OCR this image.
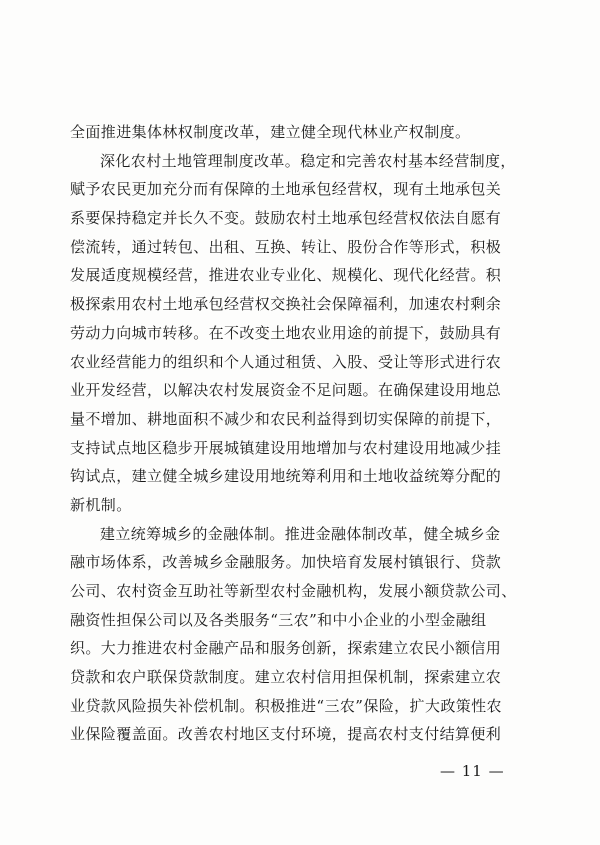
全面推进集体林权制度改革，建立健全现代林业产权制度。
深化农村土地管理制度改革。稳定和完善农村基本经营制度，
赋予农民更加充分而有保障的土地承包经营权，现有土地承包关
系要保持稳定并长久不变。鼓励农村土地承包经营权依法自愿有
偿流转，通过转包、出租、互换、转让、股份合作等形式，积极
发展适度规模经营，推进农业专业化、规模化、现代化经营。积
极探索用农村土地承包经营权交换社会保障福利，加速农村剩余
劳动力向城市转移。在不改变土地农业用途的前提下，鼓励具有
农业经营能力的组织和个人通过租赁、入股、受让等形式进行农
业开发经营，以解决农村发展资金不足问题。在确保建设用地总
量不增加、耕地面积不减少和农民利益得到切实保障的前提下，
支持试点地区稳步开展城镇建设用地增加与农村建设用地减少挂
钩试点，建立健全城乡建设用地统筹利用和土地收益统筹分配的
新机制。
建立统筹城乡的金融体制。推进金融体制改革，健全城乡金
融市场体系，改善城乡金融服务。加快培育发展村镇银行、贷款
公司、农村资金互助社等新型农村金融机构，发展小额贷款公司、
融资性担保公司以及各类服务“三农”和中小企业的小型金融组
织。大力推进农村金融产品和服务创新，探索建立农民小额信用
贷款和农户联保贷款制度。建立农村信用担保机制，探索建立农
业贷款风险损失补偿机制。积极推进“三农”保险，扩大政策性农
业保险覆盖面。改善农村地区支付环境，提高农村支付结算便利
— 11 —
